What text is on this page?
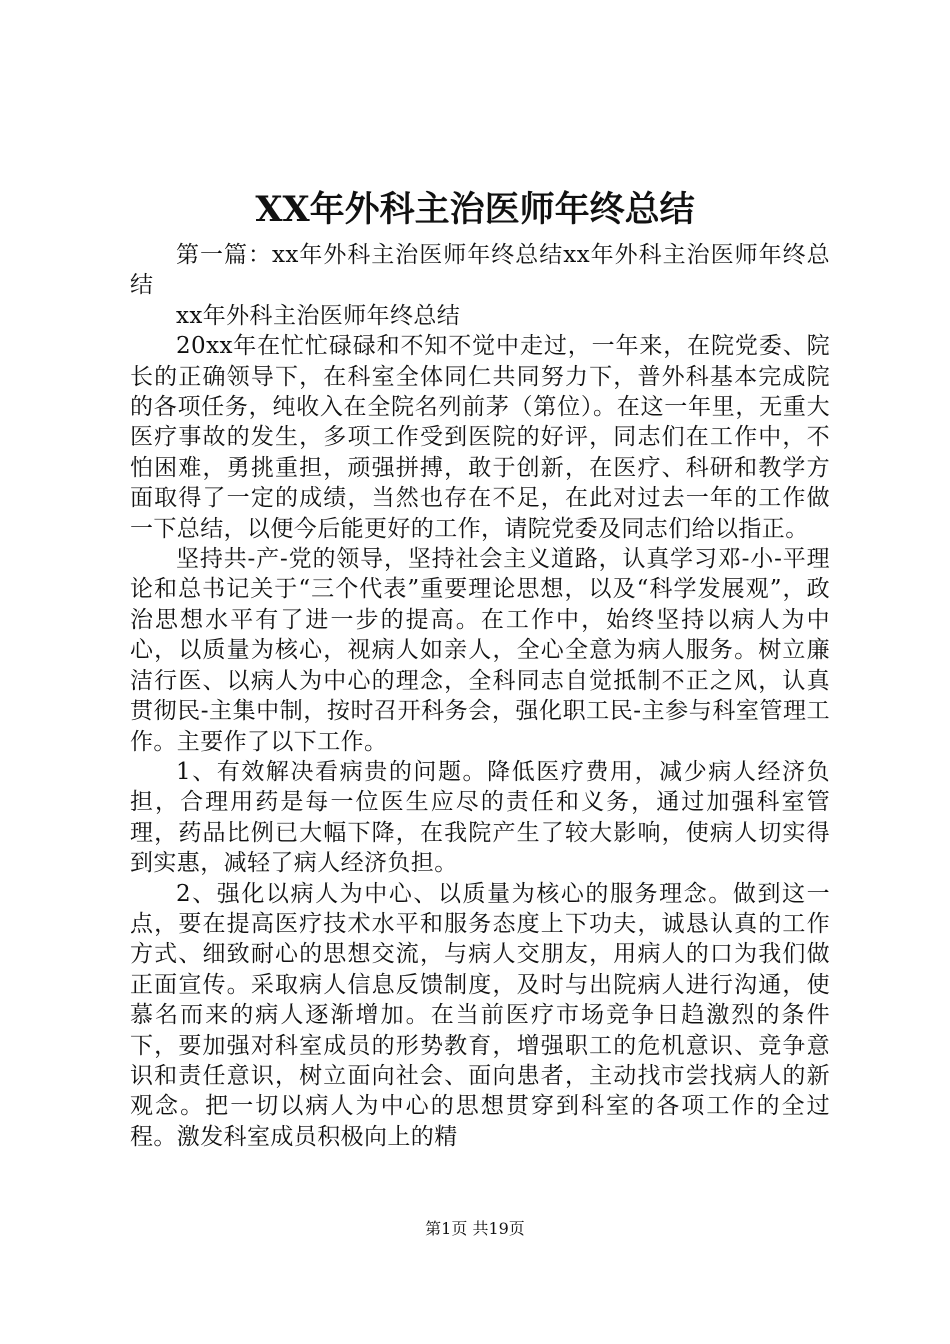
XX年外科主治医师年终总结

第一篇：xx年外科主治医师年终总结xx年外科主治医师年终总结

xx年外科主治医师年终总结

20xx年在忙忙碌碌和不知不觉中走过，一年来，在院党委、院长的正确领导下，在科室全体同仁共同努力下，普外科基本完成院的各项任务，纯收入在全院名列前茅（第位）。在这一年里，无重大医疗事故的发生，多项工作受到医院的好评，同志们在工作中，不怕困难，勇挑重担，顽强拼搏，敢于创新，在医疗、科研和教学方面取得了一定的成绩，当然也存在不足，在此对过去一年的工作做一下总结，以便今后能更好的工作，请院党委及同志们给以指正。

坚持共-产-党的领导，坚持社会主义道路，认真学习邓-小-平理论和总书记关于“三个代表”重要理论思想，以及“科学发展观”，政治思想水平有了进一步的提高。在工作中，始终坚持以病人为中心，以质量为核心，视病人如亲人，全心全意为病人服务。树立廉洁行医、以病人为中心的理念，全科同志自觉抵制不正之风，认真贯彻民-主集中制，按时召开科务会，强化职工民-主参与科室管理工作。主要作了以下工作。

1、有效解决看病贵的问题。降低医疗费用，减少病人经济负担，合理用药是每一位医生应尽的责任和义务，通过加强科室管理，药品比例已大幅下降，在我院产生了较大影响，使病人切实得到实惠，减轻了病人经济负担。

2、强化以病人为中心、以质量为核心的服务理念。做到这一点，要在提高医疗技术水平和服务态度上下功夫，诚恳认真的工作方式、细致耐心的思想交流，与病人交朋友，用病人的口为我们做正面宣传。采取病人信息反馈制度，及时与出院病人进行沟通，使慕名而来的病人逐渐增加。在当前医疗市场竞争日趋激烈的条件下，要加强对科室成员的形势教育，增强职工的危机意识、竞争意识和责任意识，树立面向社会、面向患者，主动找市尝找病人的新观念。把一切以病人为中心的思想贯穿到科室的各项工作的全过程。激发科室成员积极向上的精

第1页 共19页
